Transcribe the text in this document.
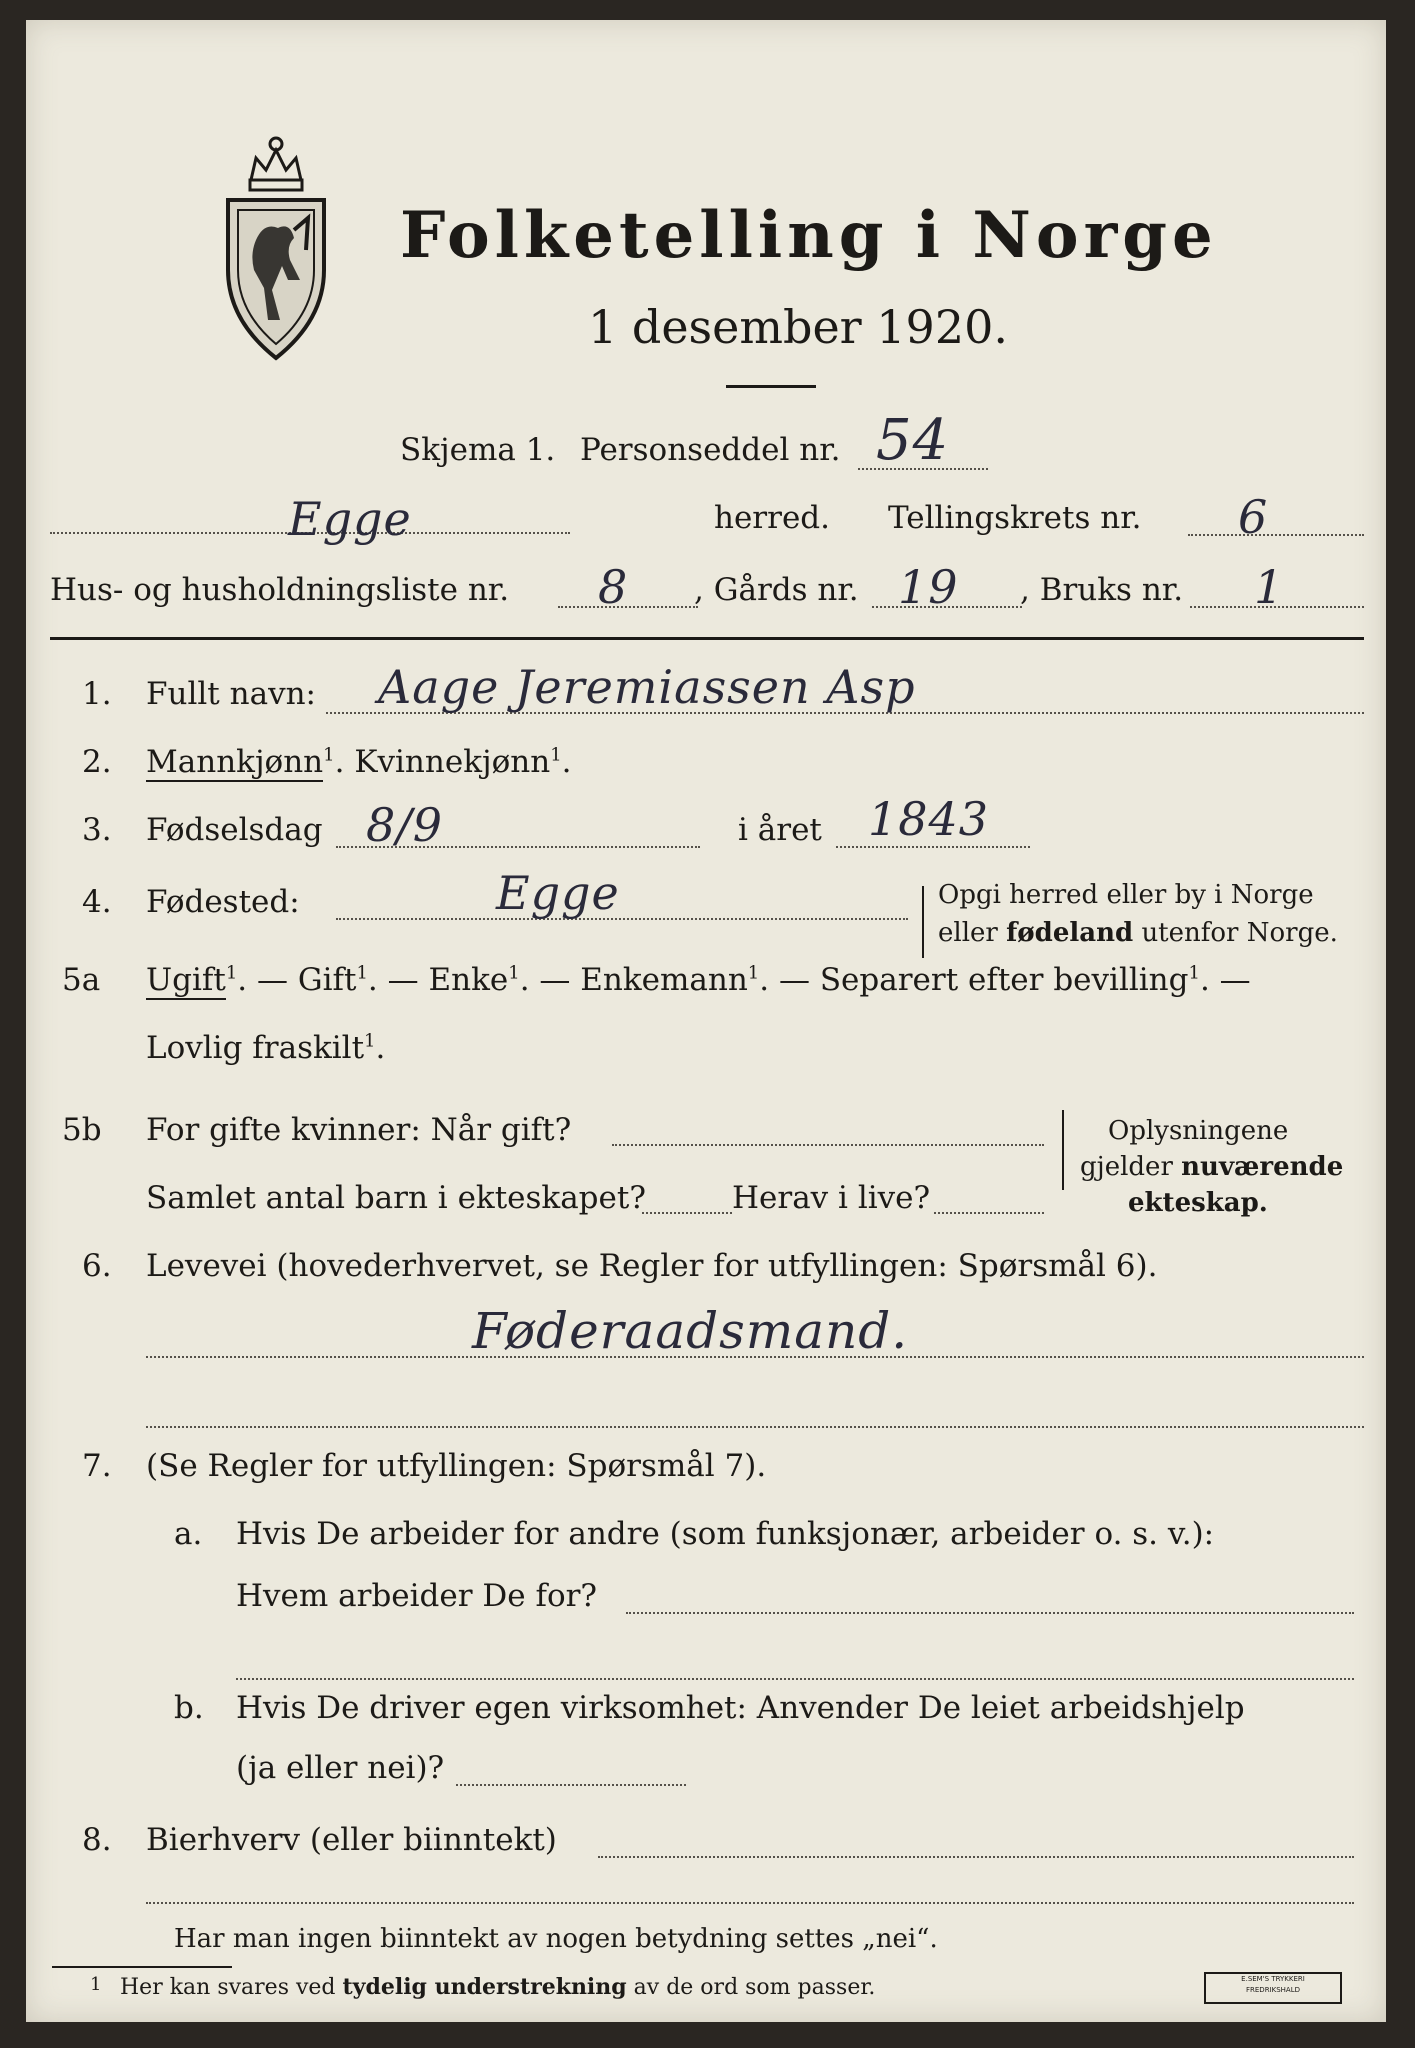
Folketelling i Norge
1 desember 1920.
Skjema 1. Personseddel nr. 54
Egge	herred. Tellingskrets nr. 6
Hus- og husholdningsliste nr. 8 , Gårds nr. 19 , Bruks nr. 1
1. Fullt navn: Aage Jeremiassen Asp
2. Mannkjønn$^1$. Kvinnekjønn$^1$.
3. Fødselsdag 8/9	i året 1843
4. Fødested:	Egge	Opgi herred eller by i Norge
eller fødeland utenfor Norge.
5a Ugift$^1$. — Gift$^1$. — Enke$^1$. — Enkemann$^1$. — Separert efter bevilling$^1$. —
Lovlig fraskilt$^1$.
5b For gifte kvinner: Når gift?
Samlet antal barn i ekteskapet?	Herav i live?
Oplysningene
gjelder nuværende
ekteskap.
6. Levevei (hovederhvervet, se Regler for utfyllingen: Spørsmål 6).
Føderaadsmand.
7. (Se Regler for utfyllingen: Spørsmål 7).
a. Hvis De arbeider for andre (som funksjonær, arbeider o. s. v.):
Hvem arbeider De for?
b. Hvis De driver egen virksomhet: Anvender De leiet arbeidshjelp
(ja eller nei)?
8. Bierhverv (eller biinntekt)
Har man ingen biinntekt av nogen betydning settes „nei“.
1 Her kan svares ved tydelig understrekning av de ord som passer.	E.SEM'S TRYKKERI
FREDRIKSHALD
